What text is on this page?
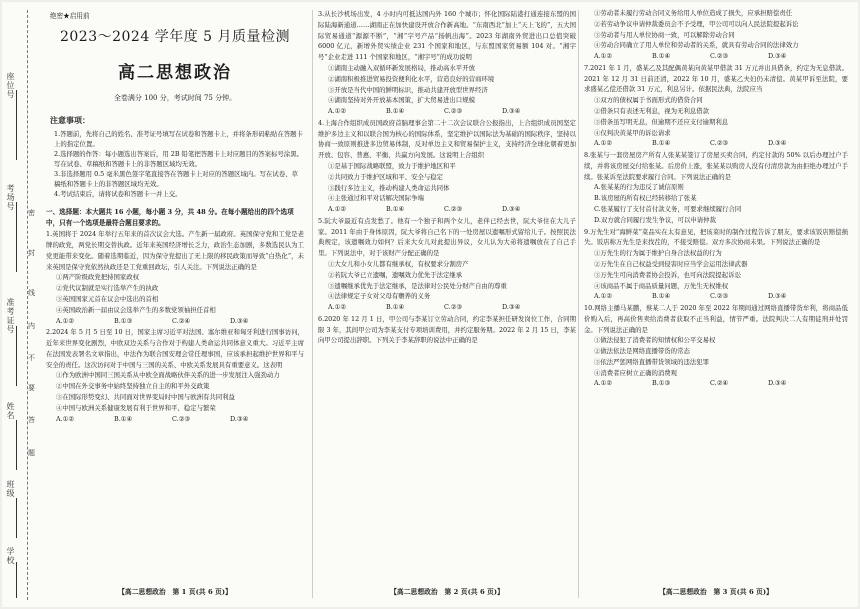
座位号
考场号
准考证号
姓名
班级
学校
密
封
线
内
不
要
答
题
绝密★启用前
2023～2024 学年度 5 月质量检测
高二思想政治
全卷满分 100 分，考试时间 75 分钟。
注意事项：
1.答题前，先将自己的姓名、准考证号填写在试卷和答题卡上，并将条形码粘贴在答题卡上的指定位置。
2.选择题的作答：每小题选出答案后，用 2B 铅笔把答题卡上对应题目的答案标号涂黑。写在试卷、草稿纸和答题卡上的非答题区域均无效。
3.非选择题用 0.5 毫米黑色签字笔直接答在答题卡上对应的答题区域内。写在试卷、草稿纸和答题卡上的非答题区域均无效。
4.考试结束后，请将试卷和答题卡一并上交。
一、选择题：本大题共 16 小题，每小题 3 分，共 48 分。在每小题给出的四个选项中，只有一个选项是最符合题目要求的。

1.英国将于 2024 年举行五年来的首次议会大选。产生新一届政府。英国保守党和工党是老牌的政党，两党长期交替执政。近年来英国经济增长乏力，政治生态加剧，多数选民认为工党更能带来变化。随着选期临近，因为保守党提出了无上限的移民政策而导致“白热化”，未来英国是保守党依然执政还是工党重回政坛，引人关注。下列说法正确的是

①两产阶级政党把持国家政权

②党代议制就是实行选举产生的执政

③英国国家元首在议会中选出的首相

④英国政治新一届由议会选举产生的多数党领袖担任首相

A.①②	B.①③	C.②④	D.③④

2.2024 年 5 月 5 日至 10 日，国家主席习近平对法国、塞尔维亚和匈牙利进行国事访问，近年来世界变化剧烈，中欧双边关系与合作对于构建人类命运共同体意义重大。习近平主席在法国发表署名文章指出，中法作为联合国安理会常任理事国，应该承担起维护世界和平与安全的责任。这次访问对于中国与三国的关系、中欧关系发展具有重要意义。这表明

①作为欧洲中国同三国关系从中欧全面战略伙伴关系的进一步发展注入强劲动力

②中国在外交事务中始终坚持独立自主的和平外交政策

③在国际形势变幻、共同面对世界变局时中国与欧洲有共同利益

④中国与欧洲关系健康发展有利于世界和平、稳定与繁荣

A.①②	B.①④	C.②③	D.③④
【高二思想政治　第 1 页(共 6 页)】

3.从长沙机场出发，4 小时内可抵达国内外 160 个城市；怀化国际陆港打通连接东盟的国际陆海新通道……湖南正在加快建设开放合作新高地。“东南西北”加上“天上飞的”，五大国际贸易通道“源源不断”，“湘”字号产品“扬帆出海”。2023 年湖南外贸进出口总值突破 6000 亿元，新增外贸实绩企业 231 个国家和地区，与东盟国家贸易额 104 对。“湘字号”企业走进 111 个国家和地区，“湘字号”的成功说明

①湖南主动融入双循环新发展格局，推动高水平开放

②湖南积极推进贸易投资便利化水平，营造良好的营商环境

③开放是当代中国的鲜明标识，推动共建开放型世界经济

④湖南坚持对外开放基本国策，扩大贸易进出口规模

A.①②	B.①④	C.②③	D.③④

4.上海合作组织成员国政府首脑理事会第二十二次会议联合公报指出，上合组织成员国坚定维护多边主义和以联合国为核心的国际体系，坚定维护以国际法为基础的国际秩序，坚持以协商一致原则推进多边贸易体制，反对单边主义和贸易保护主义，支持经济全球化朝着更加开放、包容、普惠、平衡、共赢方向发展。这说明上合组织

①是基于国际战略联盟，致力于维护地区和平

②共同致力于维护区域和平、安全与稳定

③践行多边主义，推动构建人类命运共同体

④主张通过和平对话解决国际争端

A.①②	B.①④	C.②③	D.③④

5.阮大爷最近有点发愁了。他有一个独子和两个女儿，老伴已经去世，阮大爷住在大儿子家。2011 年由于身体原因，阮大爷将自己名下的一处房屋以遗嘱形式留给儿子。按照民法典规定，该遗嘱效力如何？后来大女儿对此提出异议，女儿认为大弟将遗嘱放在了自己手里。下列说法中，对于该财产分配正确的是

①大女儿和小女儿都有继承权，有权要求分割房产

②若阮大爷已立遗嘱，遗嘱效力优先于法定继承

③遗嘱继承优先于法定继承，是法律对公民处分财产自由的尊重

④法律规定子女对父母有赡养的义务

A.①②	B.①④	C.②③	D.③④

6.2020 年 12 月 1 日，甲公司与李某订立劳动合同，约定李某担任研发岗位工作，合同期限 3 年，其间甲公司为李某支付专项培训费用，并约定服务期。2022 年 2 月 15 日，李某向甲公司提出辞职。下列关于李某辞职的说法中正确的是

【高二思想政治　第 2 页(共 6 页)】

①劳动者未履行劳动合同义务给用人单位造成了损失，应承担赔偿责任

②若劳动争议申请仲裁委员会不予受理，甲公司可以向人民法院提起诉讼

③劳动者与用人单位协商一致，可以解除劳动合同

④劳动合同确立了用人单位和劳动者的关系，就具有劳动合同的法律效力

A.①②	B.①④	C.②③	D.③④

7.2021 年 1 月，盛某乙及其配偶黄某向黄某甲借款 31 万元并出具借条，约定为无息借款。2021 年 12 月 31 日前还清，2022 年 10 月，盛某乙夫妇仍未清偿。黄某甲诉至法院，要求盛某乙偿还借款 31 万元，利息另计。依据民法典，法院应当

①双方的债权属于书面形式的借贷合同

②借条只有表述无利息，视为无利息借款

③借条虽写明无息，但逾期不还应支付逾期利息

④仅判决黄某甲的诉讼请求

A.①②	B.①④	C.②③	D.③④

8.张某与一套房屋房产所有人张某某签订了房屋买卖合同，约定付款的 50% 以后办理过户手续，并将该房屋交付给张某。后房价上涨，张某某以购房人没有付清房款为由拒绝办理过户手续。张某诉至法院要求履行合同。下列说法正确的是

A.张某某的行为违反了诚信原则

B.该房屋的所有权已经转移给了张某

C.张某履行了支付首付款义务，可要求继续履行合同

D.双方就合同履行发生争议，可以申请仲裁

9.万先生对“海鲜菜”菜品实在太有意见，把该菜时的制作过程告诉了朋友，要求该饭店赔偿损失。饭店称万先生是来找茬的，不接受赔偿。双方多次协商未果。下列说法正确的是

①万先生的行为属于维护自身合法权益的行为

②万先生在自己权益受到侵害时应当学会运用法律武器

③万先生可向消费者协会投诉，也可向法院提起诉讼

④该商品不属于商品质量问题，万先生无权维权

A.①②	B.①④	C.②③	D.③④

10.网络主播马某鹏，蔡某二人于 2020 年至 2022 年期间通过网络直播带货牟利，将商品低价购入后，再高价售卖给消费者获取不正当利益，情节严重。法院判决二人有期徒刑并处罚金。下列说法正确的是

①做法侵犯了消费者的知情权和公平交易权

②做法依法是网络直播带货的常态

③依法严惩网络直播带货领域的违法犯罪

④消费者应树立正确的消费观

A.①②	B.①③	C.②④	D.③④
【高二思想政治　第 3 页(共 6 页)】
